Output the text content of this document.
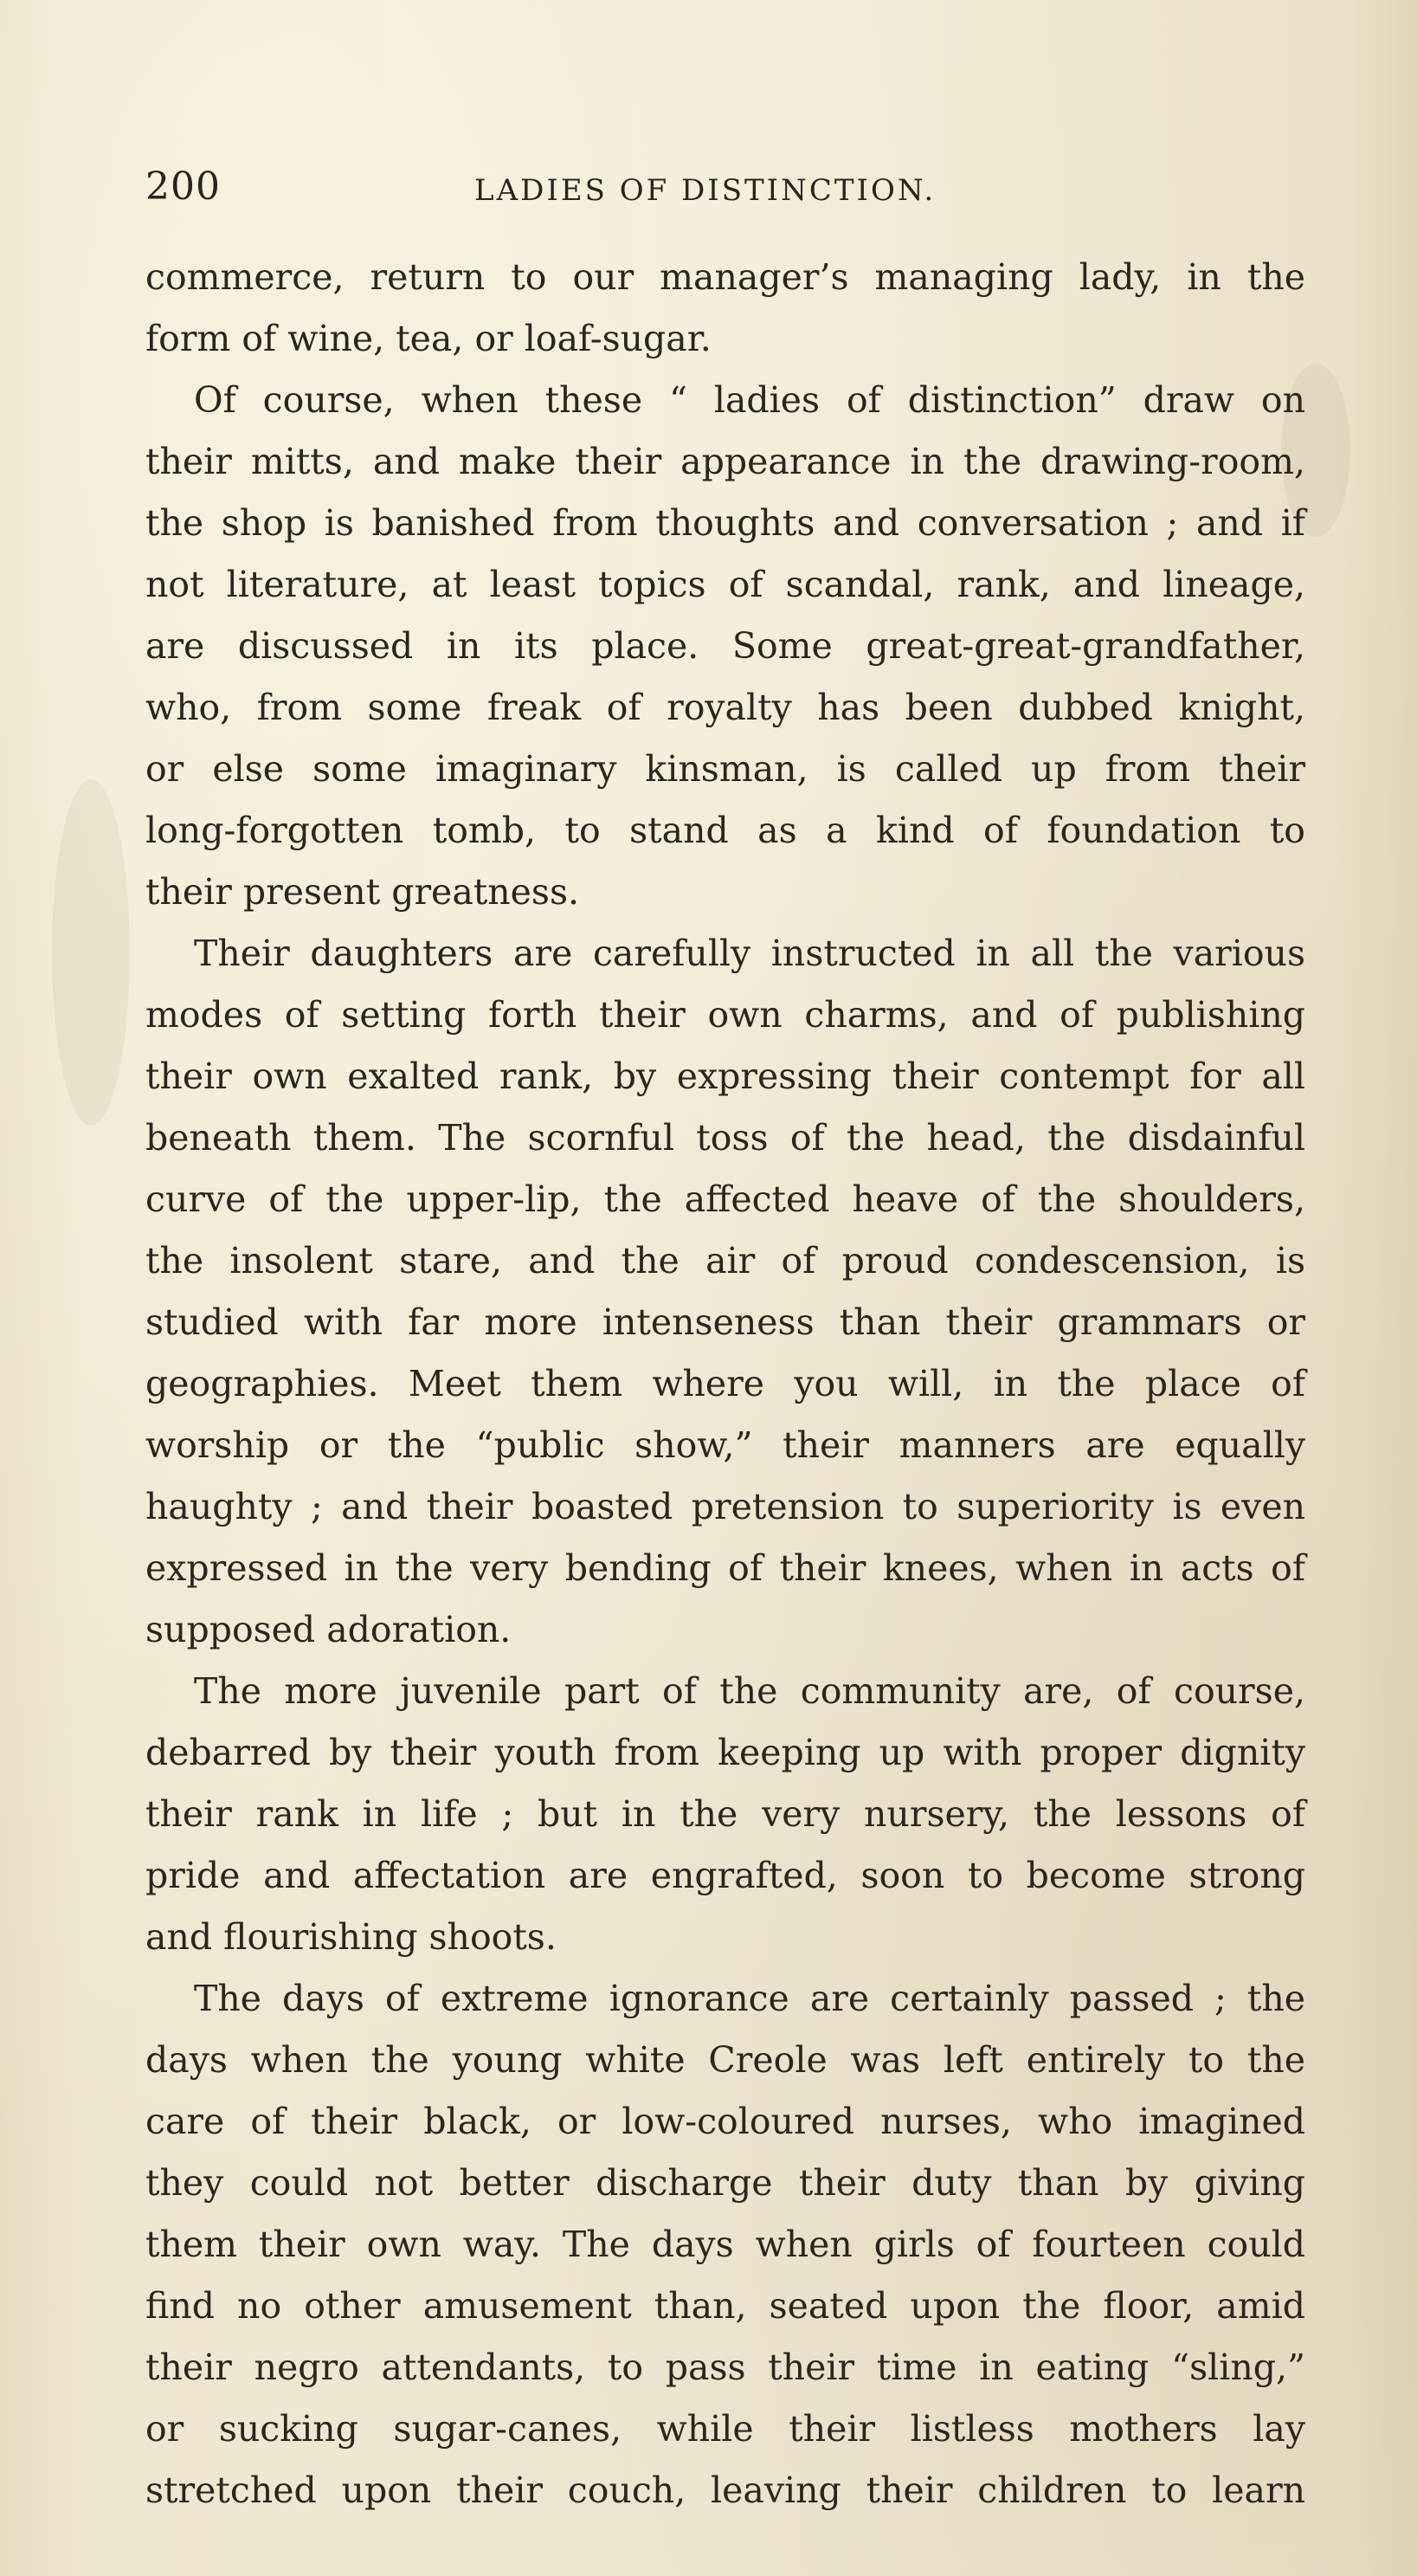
200	LADIES OF DISTINCTION.
commerce, return to our manager’s managing lady, in the
form of wine, tea, or loaf-sugar.
Of course, when these “ ladies of distinction” draw on
their mitts, and make their appearance in the drawing-room,
the shop is banished from thoughts and conversation ; and if
not literature, at least topics of scandal, rank, and lineage,
are discussed in its place. Some great-great-grandfather,
who, from some freak of royalty has been dubbed knight,
or else some imaginary kinsman, is called up from their
long-forgotten tomb, to stand as a kind of foundation to
their present greatness.
Their daughters are carefully instructed in all the various
modes of setting forth their own charms, and of publishing
their own exalted rank, by expressing their contempt for all
beneath them. The scornful toss of the head, the disdainful
curve of the upper-lip, the affected heave of the shoulders,
the insolent stare, and the air of proud condescension, is
studied with far more intenseness than their grammars or
geographies. Meet them where you will, in the place of
worship or the “public show,” their manners are equally
haughty ; and their boasted pretension to superiority is even
expressed in the very bending of their knees, when in acts of
supposed adoration.
The more juvenile part of the community are, of course,
debarred by their youth from keeping up with proper dignity
their rank in life ; but in the very nursery, the lessons of
pride and affectation are engrafted, soon to become strong
and flourishing shoots.
The days of extreme ignorance are certainly passed ; the
days when the young white Creole was left entirely to the
care of their black, or low-coloured nurses, who imagined
they could not better discharge their duty than by giving
them their own way. The days when girls of fourteen could
find no other amusement than, seated upon the floor, amid
their negro attendants, to pass their time in eating “sling,”
or sucking sugar-canes, while their listless mothers lay
stretched upon their couch, leaving their children to learn
